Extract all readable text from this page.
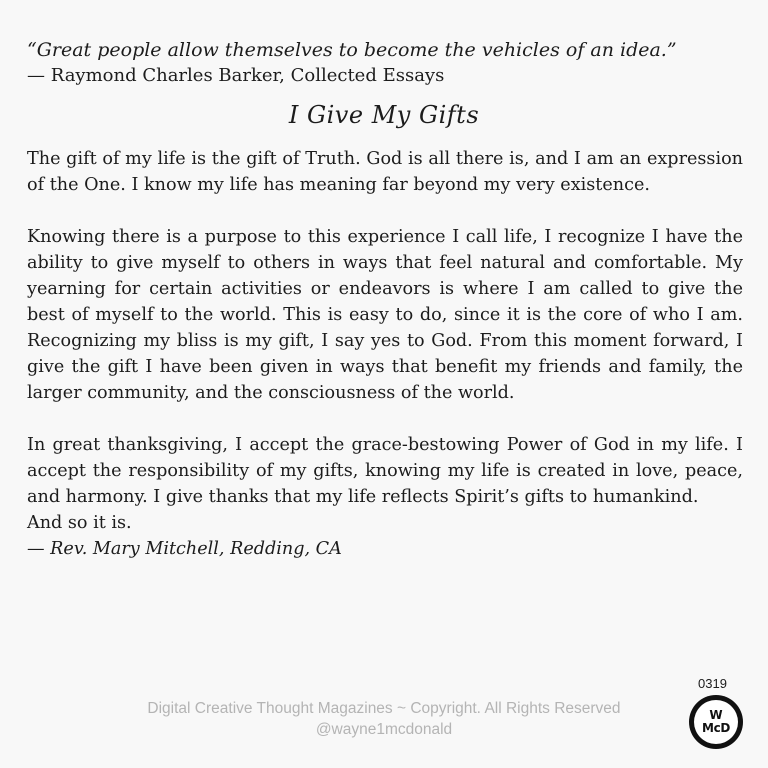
“Great people allow themselves to become the vehicles of an idea.”
— Raymond Charles Barker, Collected Essays
I Give My Gifts

The gift of my life is the gift of Truth. God is all there is, and I am an expression of the One. I know my life has meaning far beyond my very existence.

Knowing there is a purpose to this experience I call life, I recognize I have the ability to give myself to others in ways that feel natural and comfortable. My yearning for certain activities or endeavors is where I am called to give the best of myself to the world. This is easy to do, since it is the core of who I am. Recognizing my bliss is my gift, I say yes to God. From this moment forward, I give the gift I have been given in ways that benefit my friends and family, the larger community, and the consciousness of the world.

In great thanksgiving, I accept the grace-bestowing Power of God in my life. I accept the responsibility of my gifts, knowing my life is created in love, peace, and harmony. I give thanks that my life reflects Spirit’s gifts to humankind.

And so it is.

— Rev. Mary Mitchell, Redding, CA

Digital Creative Thought Magazines ~ Copyright. All Rights Reserved
@wayne1mcdonald
0319
W
McD
